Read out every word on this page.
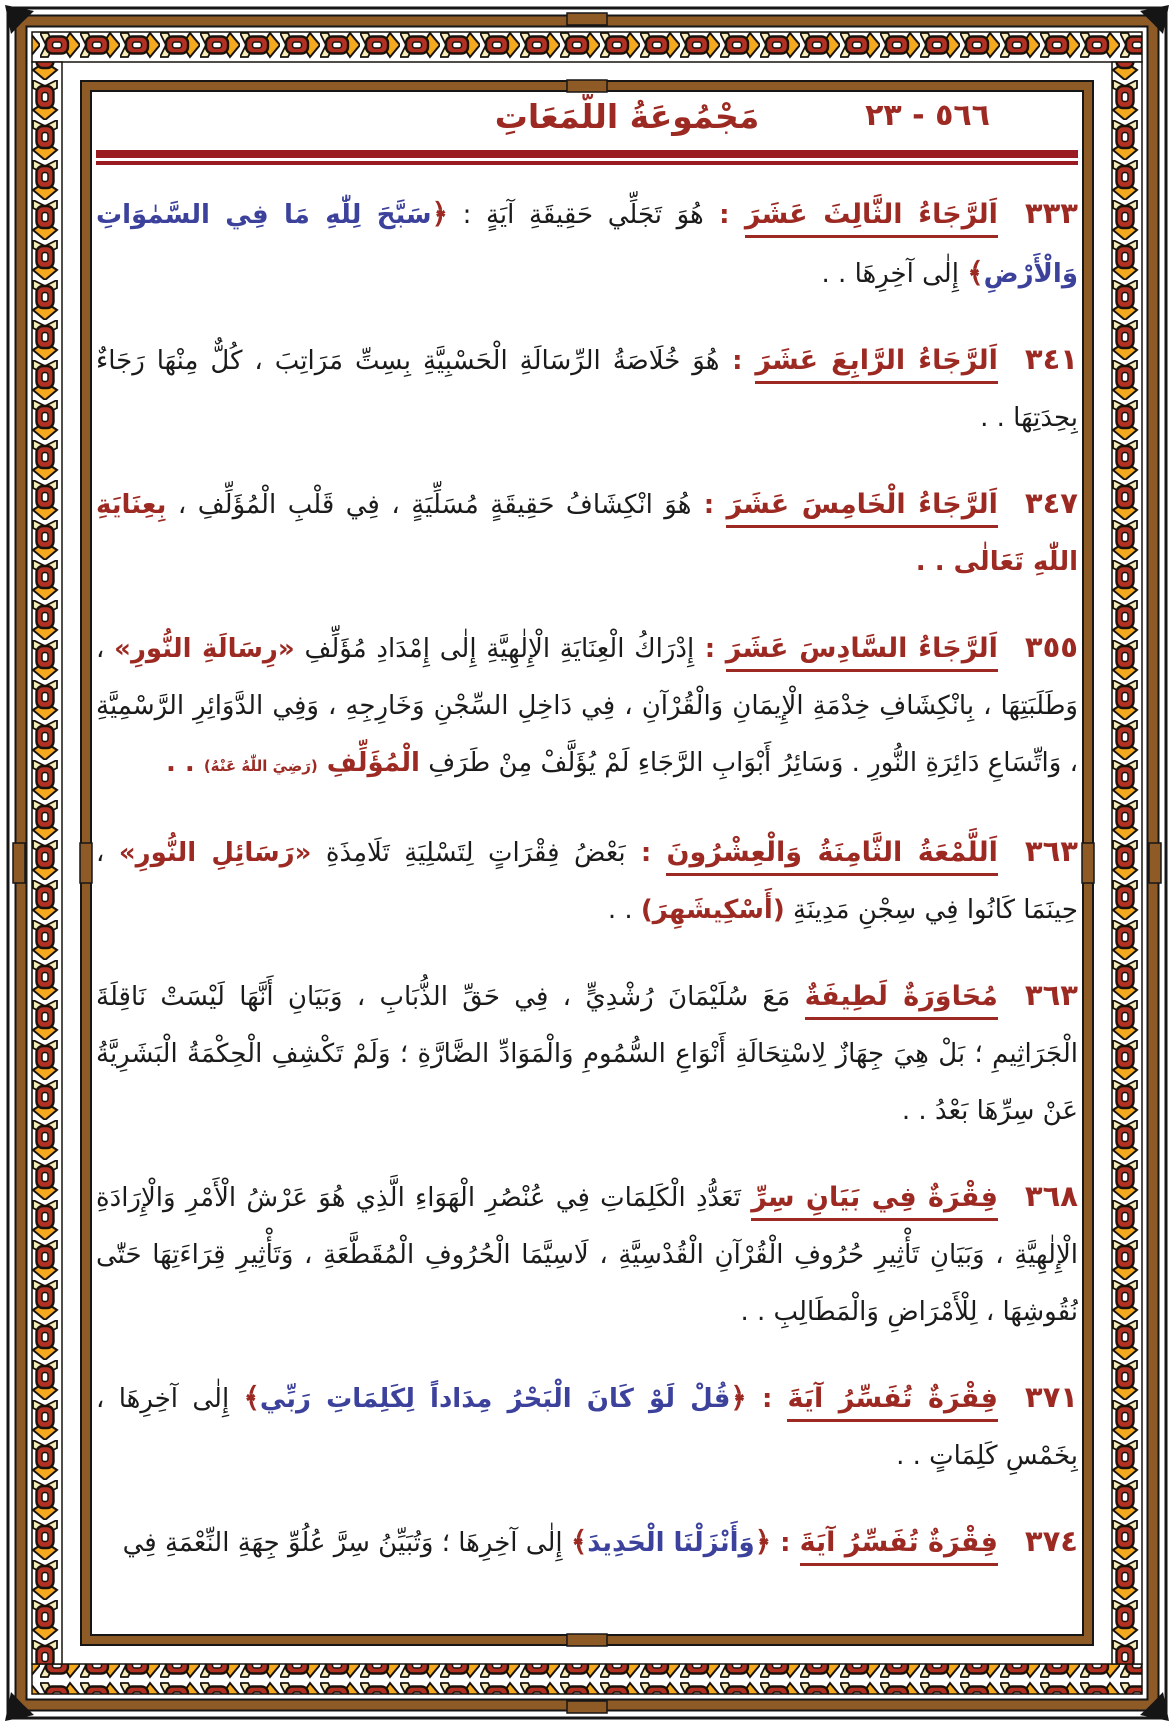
٥٦٦ - ٢٣
مَجْمُوعَةُ اللَّمَعَاتِ
٣٣٣اَلرَّجَاءُ الثَّالِثَ عَشَرَ : هُوَ تَجَلِّي حَقِيقَةِ آيَةٍ : ﴿سَبَّحَ لِلّٰهِ مَا فِي السَّمٰوَاتِ وَالْأَرْضِ﴾ إِلٰى آخِرِهَا . .
٣٤١اَلرَّجَاءُ الرَّابِعَ عَشَرَ : هُوَ خُلَاصَةُ الرِّسَالَةِ الْحَسْبِيَّةِ بِسِتِّ مَرَاتِبَ ، كُلٌّ مِنْهَا رَجَاءٌ بِحِدَتِهَا . .
٣٤٧اَلرَّجَاءُ الْخَامِسَ عَشَرَ : هُوَ انْكِشَافُ حَقِيقَةٍ مُسَلِّيَةٍ ، فِي قَلْبِ الْمُؤَلِّفِ ، بِعِنَايَةِ اللّٰهِ تَعَالٰى . .
٣٥٥اَلرَّجَاءُ السَّادِسَ عَشَرَ : إِدْرَاكُ الْعِنَايَةِ الْإِلٰهِيَّةِ إِلٰى إِمْدَادِ مُؤَلِّفِ «رِسَالَةِ النُّورِ» ، وَطَلَبَتِهَا ، بِانْكِشَافِ خِدْمَةِ الْإِيمَانِ وَالْقُرْآنِ ، فِي دَاخِلِ السِّجْنِ وَخَارِجِهِ ، وَفِي الدَّوَائِرِ الرَّسْمِيَّةِ ، وَاتِّسَاعِ دَائِرَةِ النُّورِ . وَسَائِرُ أَبْوَابِ الرَّجَاءِ لَمْ يُؤَلَّفْ مِنْ طَرَفِ الْمُؤَلِّفِ (رَضِيَ اللّٰهُ عَنْهُ) . .
٣٦٣اَللَّمْعَةُ الثَّامِنَةُ وَالْعِشْرُونَ : بَعْضُ فِقْرَاتٍ لِتَسْلِيَةِ تَلَامِذَةِ «رَسَائِلِ النُّورِ» ، حِينَمَا كَانُوا فِي سِجْنِ مَدِينَةِ (أَسْكِيشَهِرَ) . .
٣٦٣مُحَاوَرَةٌ لَطِيفَةٌ مَعَ سُلَيْمَانَ رُشْدِيٍّ ، فِي حَقِّ الذُّبَابِ ، وَبَيَانِ أَنَّهَا لَيْسَتْ نَاقِلَةَ الْجَرَاثِيمِ ؛ بَلْ هِيَ جِهَازٌ لِاسْتِحَالَةِ أَنْوَاعِ السُّمُومِ وَالْمَوَادِّ الضَّارَّةِ ؛ وَلَمْ تَكْشِفِ الْحِكْمَةُ الْبَشَرِيَّةُ عَنْ سِرِّهَا بَعْدُ . .
٣٦٨فِقْرَةٌ فِي بَيَانِ سِرِّ تَعَدُّدِ الْكَلِمَاتِ فِي عُنْصُرِ الْهَوَاءِ الَّذِي هُوَ عَرْشُ الْأَمْرِ وَالْإِرَادَةِ الْإِلٰهِيَّةِ ، وَبَيَانِ تَأْثِيرِ حُرُوفِ الْقُرْآنِ الْقُدْسِيَّةِ ، لَاسِيَّمَا الْحُرُوفِ الْمُقَطَّعَةِ ، وَتَأْثِيرِ قِرَاءَتِهَا حَتّٰى نُقُوشِهَا ، لِلْأَمْرَاضِ وَالْمَطَالِبِ . .
٣٧١فِقْرَةٌ تُفَسِّرُ آيَةَ : ﴿قُلْ لَوْ كَانَ الْبَحْرُ مِدَاداً لِكَلِمَاتِ رَبِّي﴾ إِلٰى آخِرِهَا ، بِخَمْسِ كَلِمَاتٍ . .
٣٧٤فِقْرَةٌ تُفَسِّرُ آيَةَ : ﴿وَأَنْزَلْنَا الْحَدِيدَ﴾ إِلٰى آخِرِهَا ؛ وَتُبَيِّنُ سِرَّ عُلُوِّ جِهَةِ النِّعْمَةِ فِي
